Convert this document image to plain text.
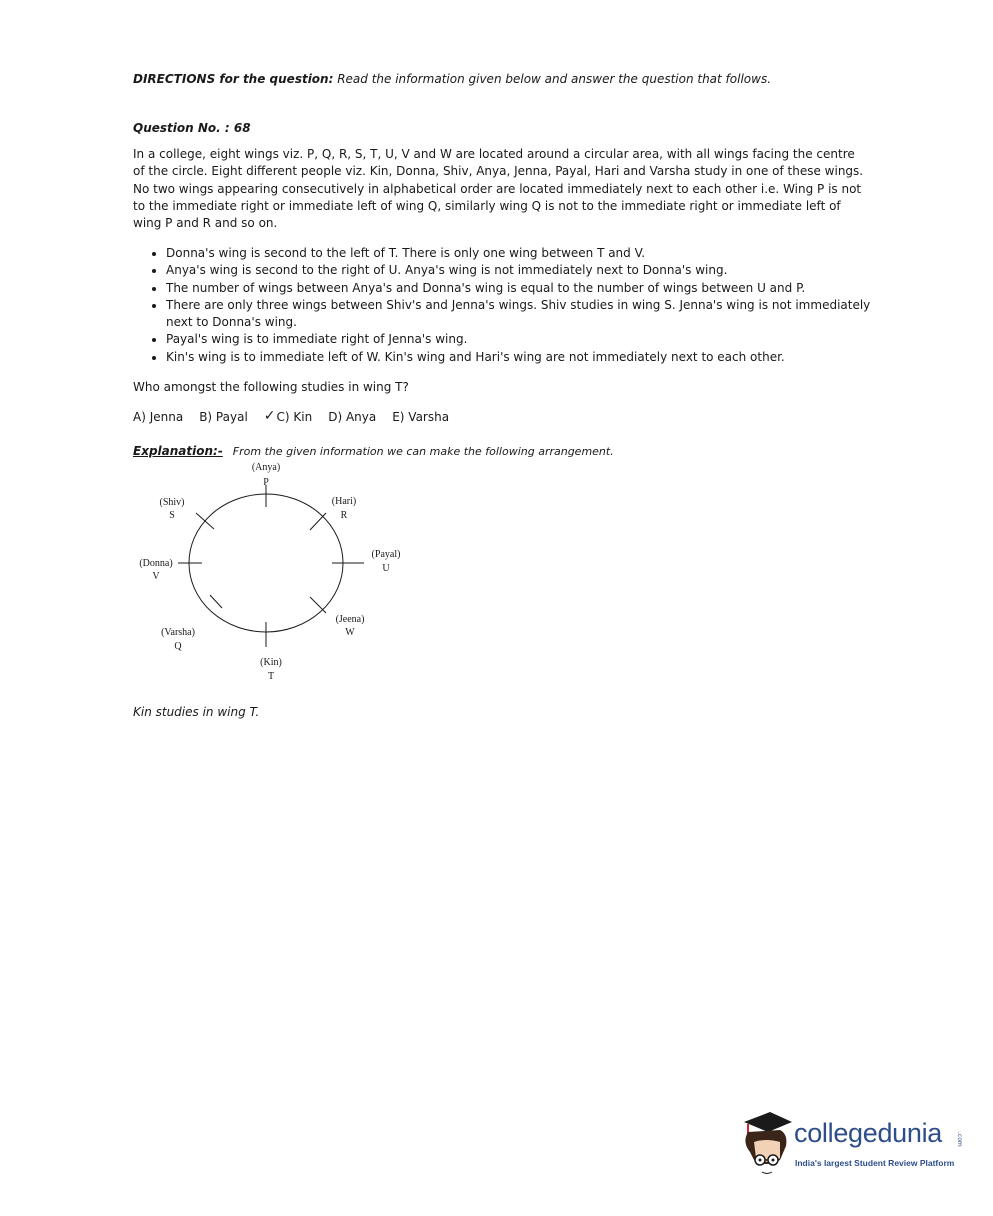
DIRECTIONS for the question: Read the information given below and answer the question that follows.
Question No. : 68

In a college, eight wings viz. P, Q, R, S, T, U, V and W are located around a circular area, with all wings facing the centre of the circle. Eight different people viz. Kin, Donna, Shiv, Anya, Jenna, Payal, Hari and Varsha study in one of these wings. No two wings appearing consecutively in alphabetical order are located immediately next to each other i.e. Wing P is not to the immediate right or immediate left of wing Q, similarly wing Q is not to the immediate right or immediate left of wing P and R and so on.

• Donna's wing is second to the left of T. There is only one wing between T and V.
• Anya's wing is second to the right of U. Anya's wing is not immediately next to Donna's wing.
• The number of wings between Anya's and Donna's wing is equal to the number of wings between U and P.
• There are only three wings between Shiv's and Jenna's wings. Shiv studies in wing S. Jenna's wing is not immediately next to Donna's wing.
• Payal's wing is to immediate right of Jenna's wing.
• Kin's wing is to immediate left of W. Kin's wing and Hari's wing are not immediately next to each other.
Who amongst the following studies in wing T?
A) Jenna B) Payal ✓ C) Kin D) Anya E) Varsha
Explanation:- From the given information we can make the following arrangement.
Kin studies in wing T.
(Anya)
P
(Hari)
R
(Payal)
U
(Jeena)
W
(Kin)
T
(Varsha)
Q
(Donna)
V
(Shiv)
S
collegedunia .com
India's largest Student Review Platform
